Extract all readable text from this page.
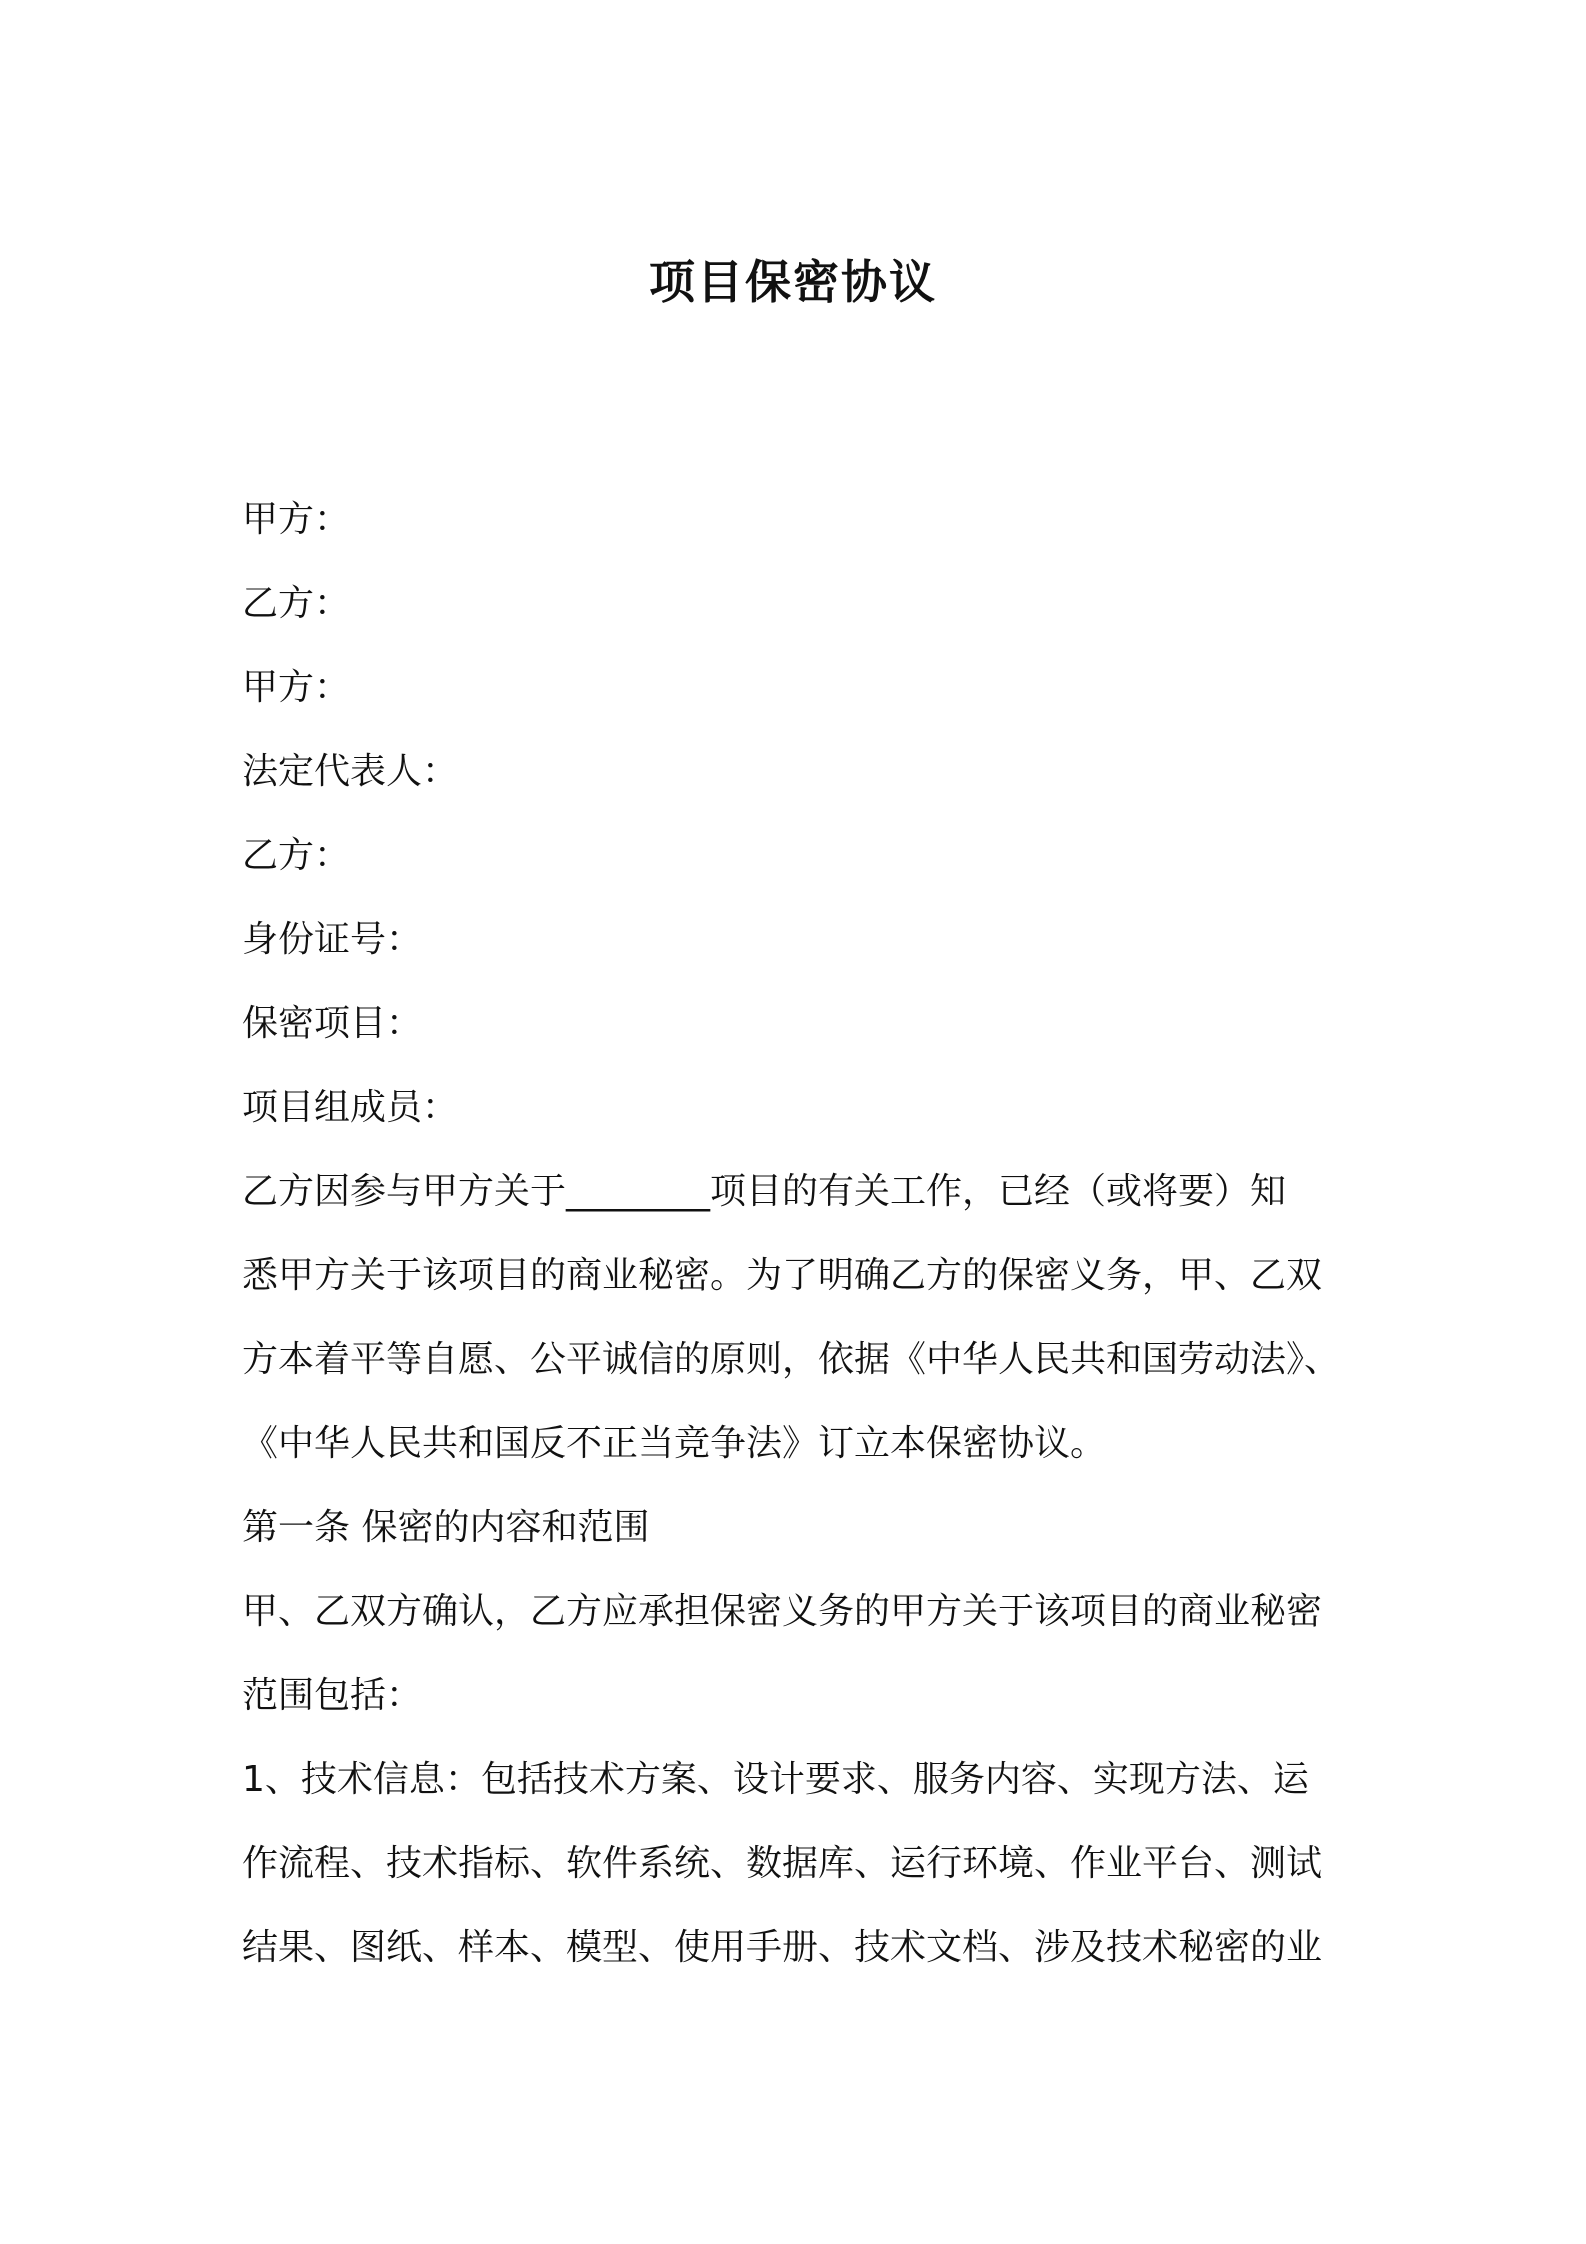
项目保密协议
甲方：
乙方：
甲方：
法定代表人：
乙方：
身份证号：
保密项目：
项目组成员：
乙方因参与甲方关于________项目的有关工作，已经（或将要）知
悉甲方关于该项目的商业秘密。为了明确乙方的保密义务，甲、乙双
方本着平等自愿、公平诚信的原则，依据《中华人民共和国劳动法》、
《中华人民共和国反不正当竞争法》订立本保密协议。
第一条 保密的内容和范围
甲、乙双方确认，乙方应承担保密义务的甲方关于该项目的商业秘密
范围包括：
1、技术信息：包括技术方案、设计要求、服务内容、实现方法、运
作流程、技术指标、软件系统、数据库、运行环境、作业平台、测试
结果、图纸、样本、模型、使用手册、技术文档、涉及技术秘密的业
